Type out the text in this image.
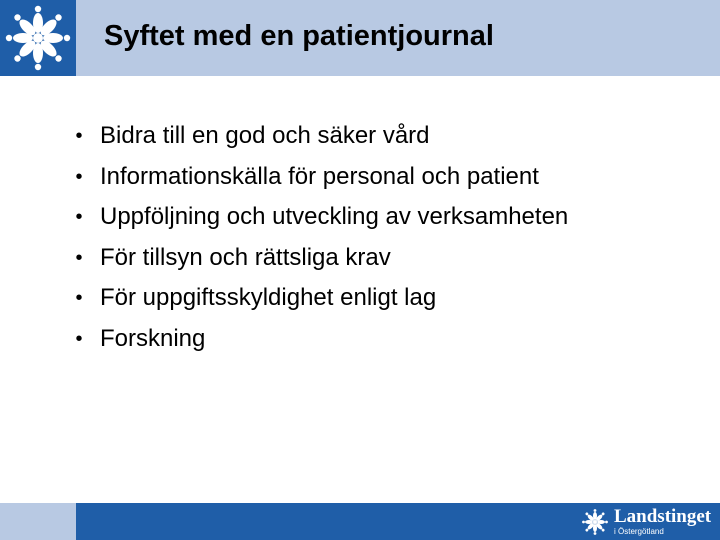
Syftet med en patientjournal
• Bidra till en god och säker vård
• Informationskälla för personal och patient
• Uppföljning och utveckling av verksamheten
• För tillsyn och rättsliga krav
• För uppgiftsskyldighet enligt lag
• Forskning
Landstinget
i Östergötland
